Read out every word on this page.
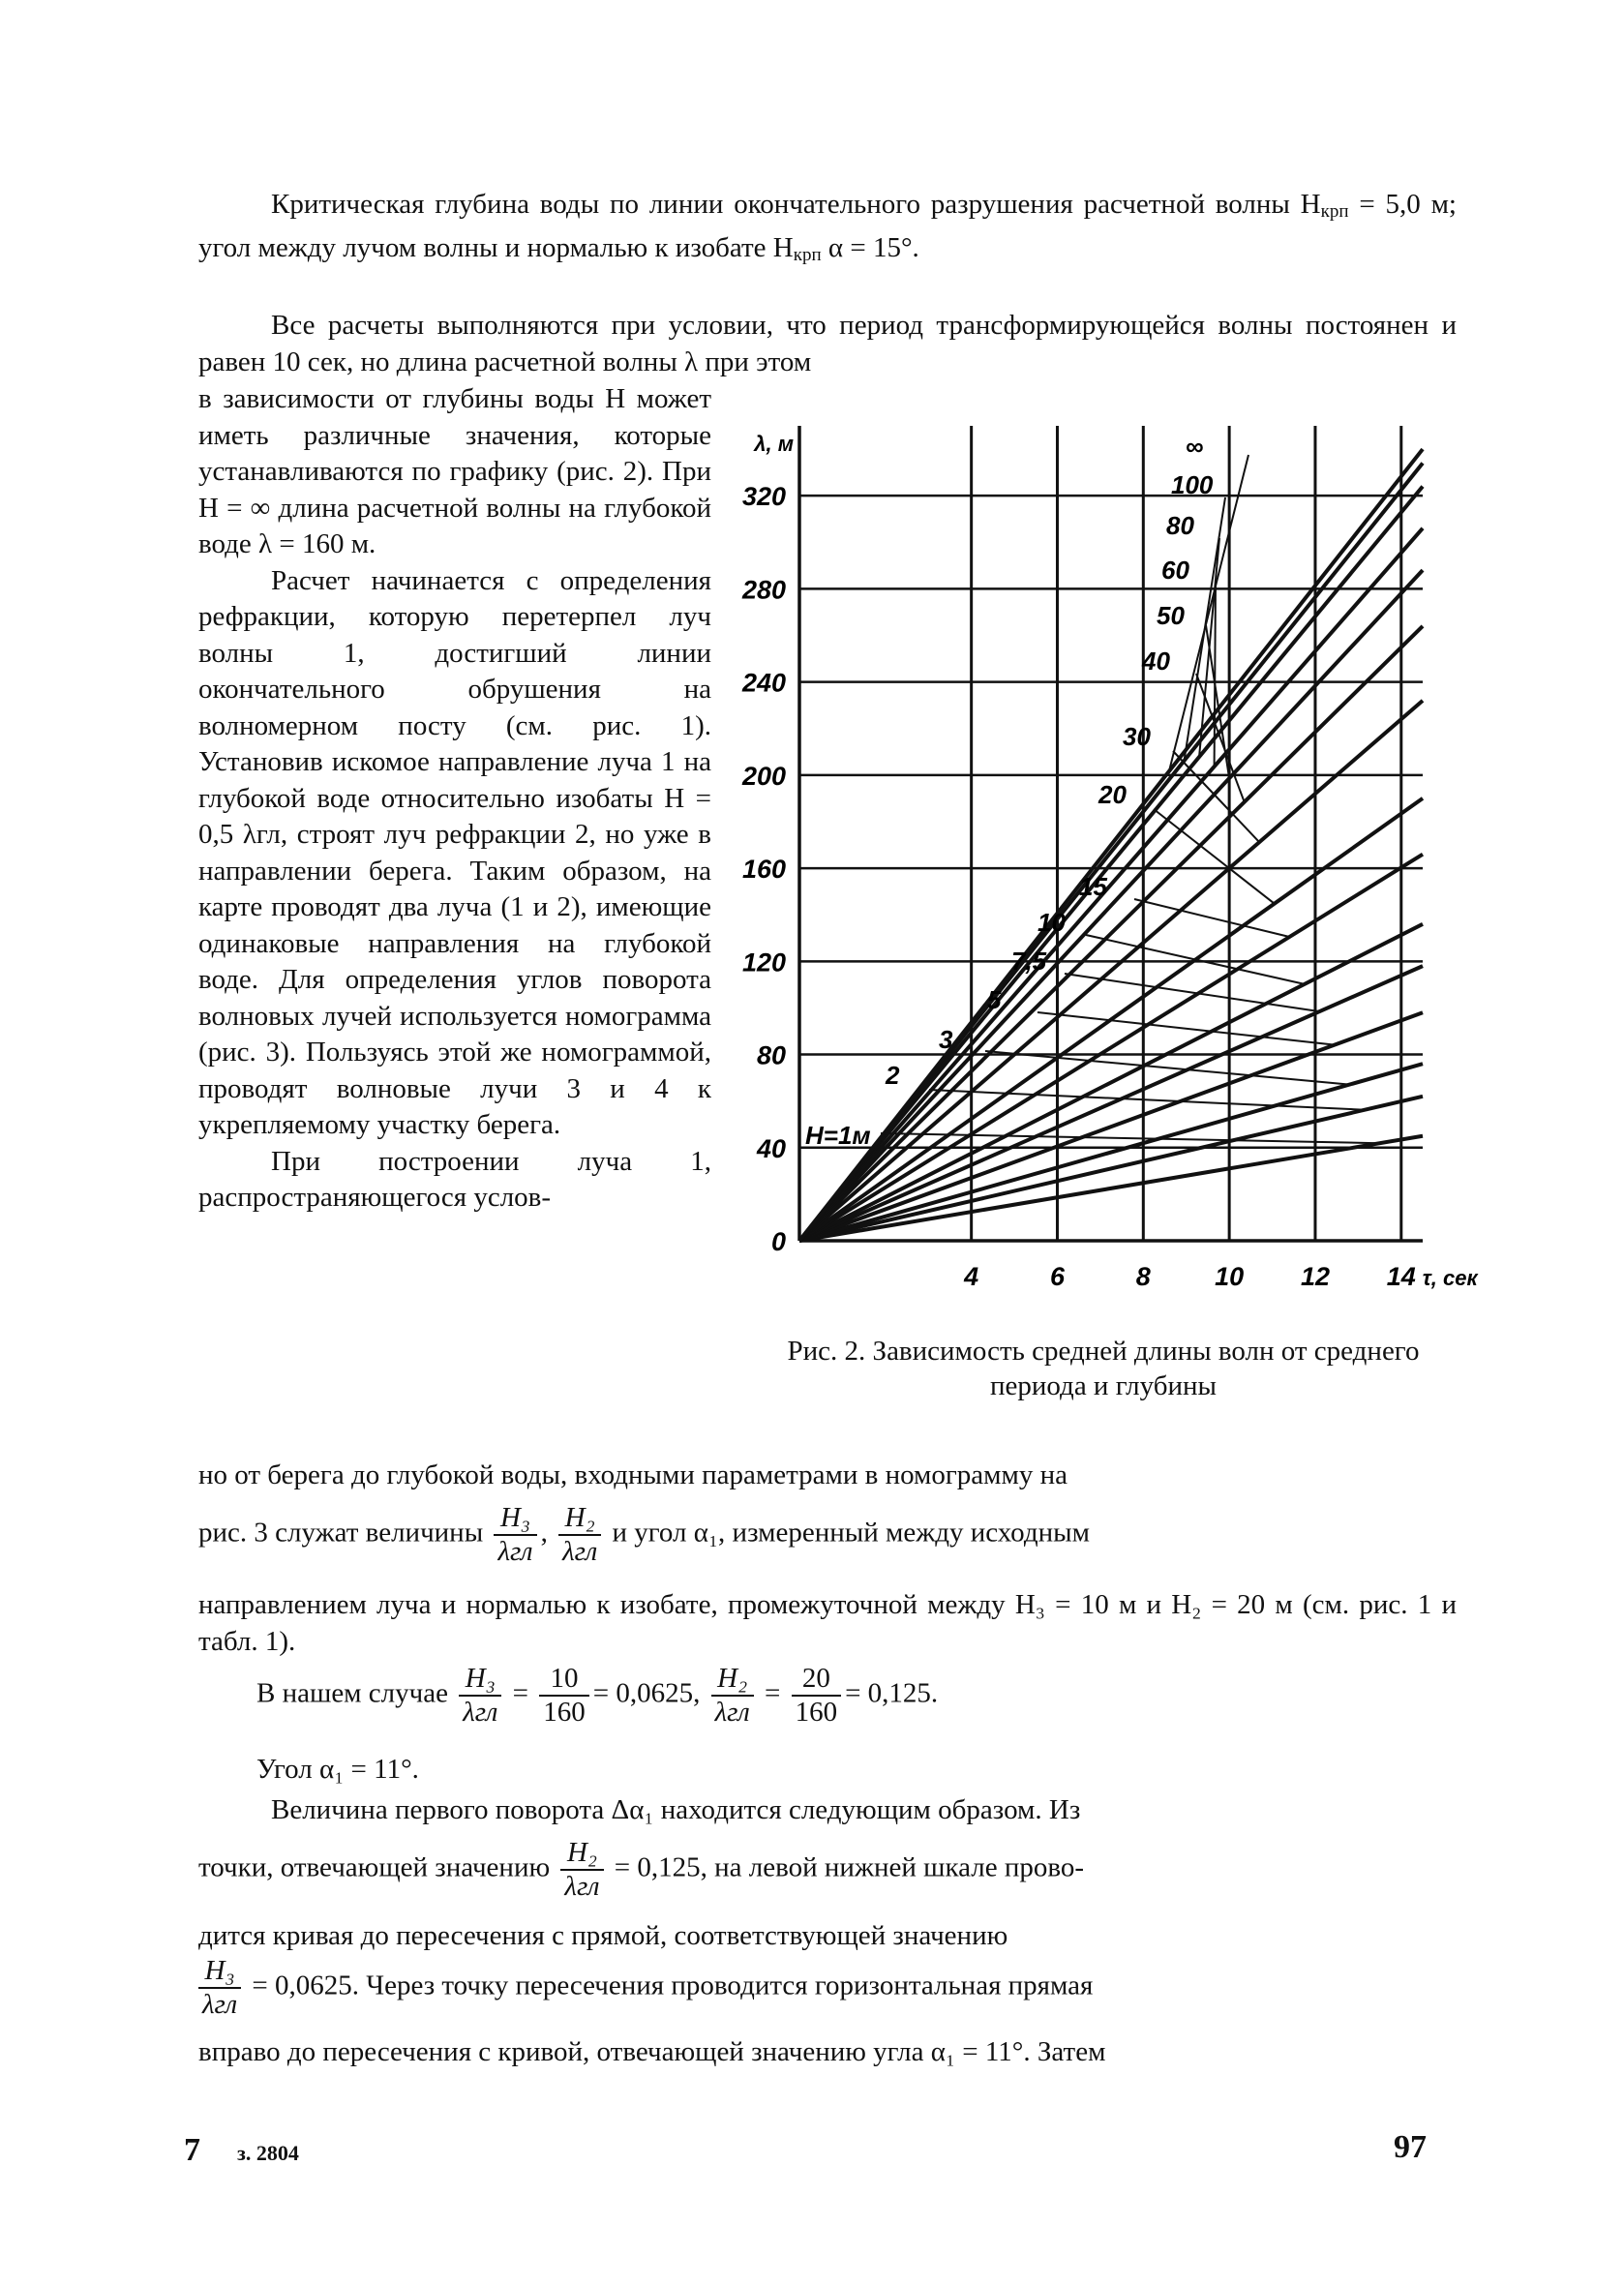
Критическая глубина воды по линии окончательного разрушения расчетной волны $H_{крп} = 5,0$ м; угол между лучом волны и нормалью к изобате $H_{крп}$ α = 15°.

Все расчеты выполняются при условии, что период трансформирующейся волны постоянен и равен 10 сек, но длина расчетной волны λ при этом

в зависимости от глубины воды H может иметь различные значения, которые устанавливаются по графику (рис. 2). При H = ∞ длина расчетной волны на глубокой воде λ = 160 м.

Расчет начинается с определения рефракции, которую перетерпел луч волны 1, достигший линии окончательного обрушения на волномерном посту (см. рис. 1). Установив искомое направление луча 1 на глубокой воде относительно изобаты H = 0,5 λгл, строят луч рефракции 2, но уже в направлении берега. Таким образом, на карте проводят два луча (1 и 2), имеющие одинаковые направления на глубокой воде. Для определения углов поворота волновых лучей используется номограмма (рис. 3). Пользуясь этой же номограммой, проводят волновые лучи 3 и 4 к укрепляемому участку берега.

При построении луча 1, распространяющегося услов-

но от берега до глубокой воды, входными параметрами в номограмму на

рис. 3 служат величины H₃
λгл
, H₂
λгл
и угол α₁, измеренный между исходным

направлением луча и нормалью к изобате, промежуточной между H₃ = 10 м и H₂ = 20 м (см. рис. 1 и табл. 1).

В нашем случае H₃
λгл
= $\frac{10}{160} = 0,0625$, H₂
λгл
= $\frac{20}{160} = 0,125$.

Угол α₁ = 11°.

Величина первого поворота Δα₁ находится следующим образом. Из

точки, отвечающей значению H₂
λгл
= 0,125, на левой нижней шкале прово-

дится кривая до пересечения с прямой, соответствующей значению

H₃
λгл
= 0,0625. Через точку пересечения проводится горизонтальная прямая

вправо до пересечения с кривой, отвечающей значению угла α₁ = 11°. Затем

0
40
80
120
160
200
240
280
320
4	6	8 10 12 14 τ, сек
λ, м
H=1м
2
3
5
7,5
10
15
20
30
40
50
60
80
100
∞
Рис. 2. Зависимость средней длины волн от среднего периода и глубины
7 з. 2804	97
